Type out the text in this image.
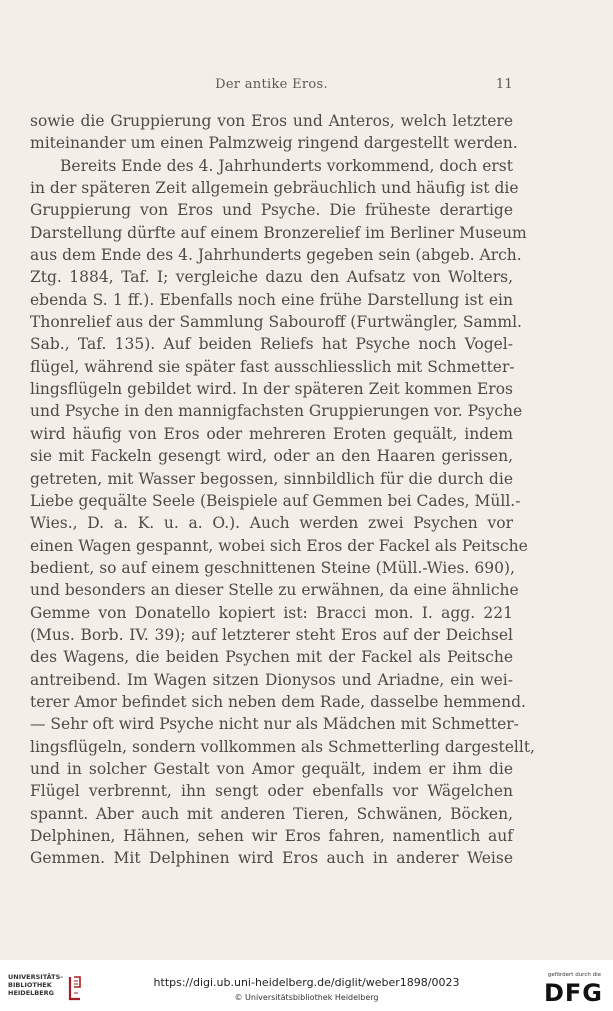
Der antike Eros.	11
sowie die Gruppierung von Eros und Anteros, welch letztere
miteinander um einen Palmzweig ringend dargestellt werden.
Bereits Ende des 4. Jahrhunderts vorkommend, doch erst
in der späteren Zeit allgemein gebräuchlich und häufig ist die
Gruppierung von Eros und Psyche. Die früheste derartige
Darstellung dürfte auf einem Bronzerelief im Berliner Museum
aus dem Ende des 4. Jahrhunderts gegeben sein (abgeb. Arch.
Ztg. 1884, Taf. I; vergleiche dazu den Aufsatz von Wolters,
ebenda S. 1 ff.). Ebenfalls noch eine frühe Darstellung ist ein
Thonrelief aus der Sammlung Sabouroff (Furtwängler, Samml.
Sab., Taf. 135). Auf beiden Reliefs hat Psyche noch Vogel-
flügel, während sie später fast ausschliesslich mit Schmetter-
lingsflügeln gebildet wird. In der späteren Zeit kommen Eros
und Psyche in den mannigfachsten Gruppierungen vor. Psyche
wird häufig von Eros oder mehreren Eroten gequält, indem
sie mit Fackeln gesengt wird, oder an den Haaren gerissen,
getreten, mit Wasser begossen, sinnbildlich für die durch die
Liebe gequälte Seele (Beispiele auf Gemmen bei Cades, Müll.-
Wies., D. a. K. u. a. O.). Auch werden zwei Psychen vor
einen Wagen gespannt, wobei sich Eros der Fackel als Peitsche
bedient, so auf einem geschnittenen Steine (Müll.-Wies. 690),
und besonders an dieser Stelle zu erwähnen, da eine ähnliche
Gemme von Donatello kopiert ist: Bracci mon. I. agg. 221
(Mus. Borb. IV. 39); auf letzterer steht Eros auf der Deichsel
des Wagens, die beiden Psychen mit der Fackel als Peitsche
antreibend. Im Wagen sitzen Dionysos und Ariadne, ein wei-
terer Amor befindet sich neben dem Rade, dasselbe hemmend.
— Sehr oft wird Psyche nicht nur als Mädchen mit Schmetter-
lingsflügeln, sondern vollkommen als Schmetterling dargestellt,
und in solcher Gestalt von Amor gequält, indem er ihm die
Flügel verbrennt, ihn sengt oder ebenfalls vor Wägelchen
spannt. Aber auch mit anderen Tieren, Schwänen, Böcken,
Delphinen, Hähnen, sehen wir Eros fahren, namentlich auf
Gemmen. Mit Delphinen wird Eros auch in anderer Weise
UNIVERSITÄTS-
BIBLIOTHEK
HEIDELBERG
https://digi.ub.uni-heidelberg.de/diglit/weber1898/0023
© Universitätsbibliothek Heidelberg
gefördert durch die
DFG
